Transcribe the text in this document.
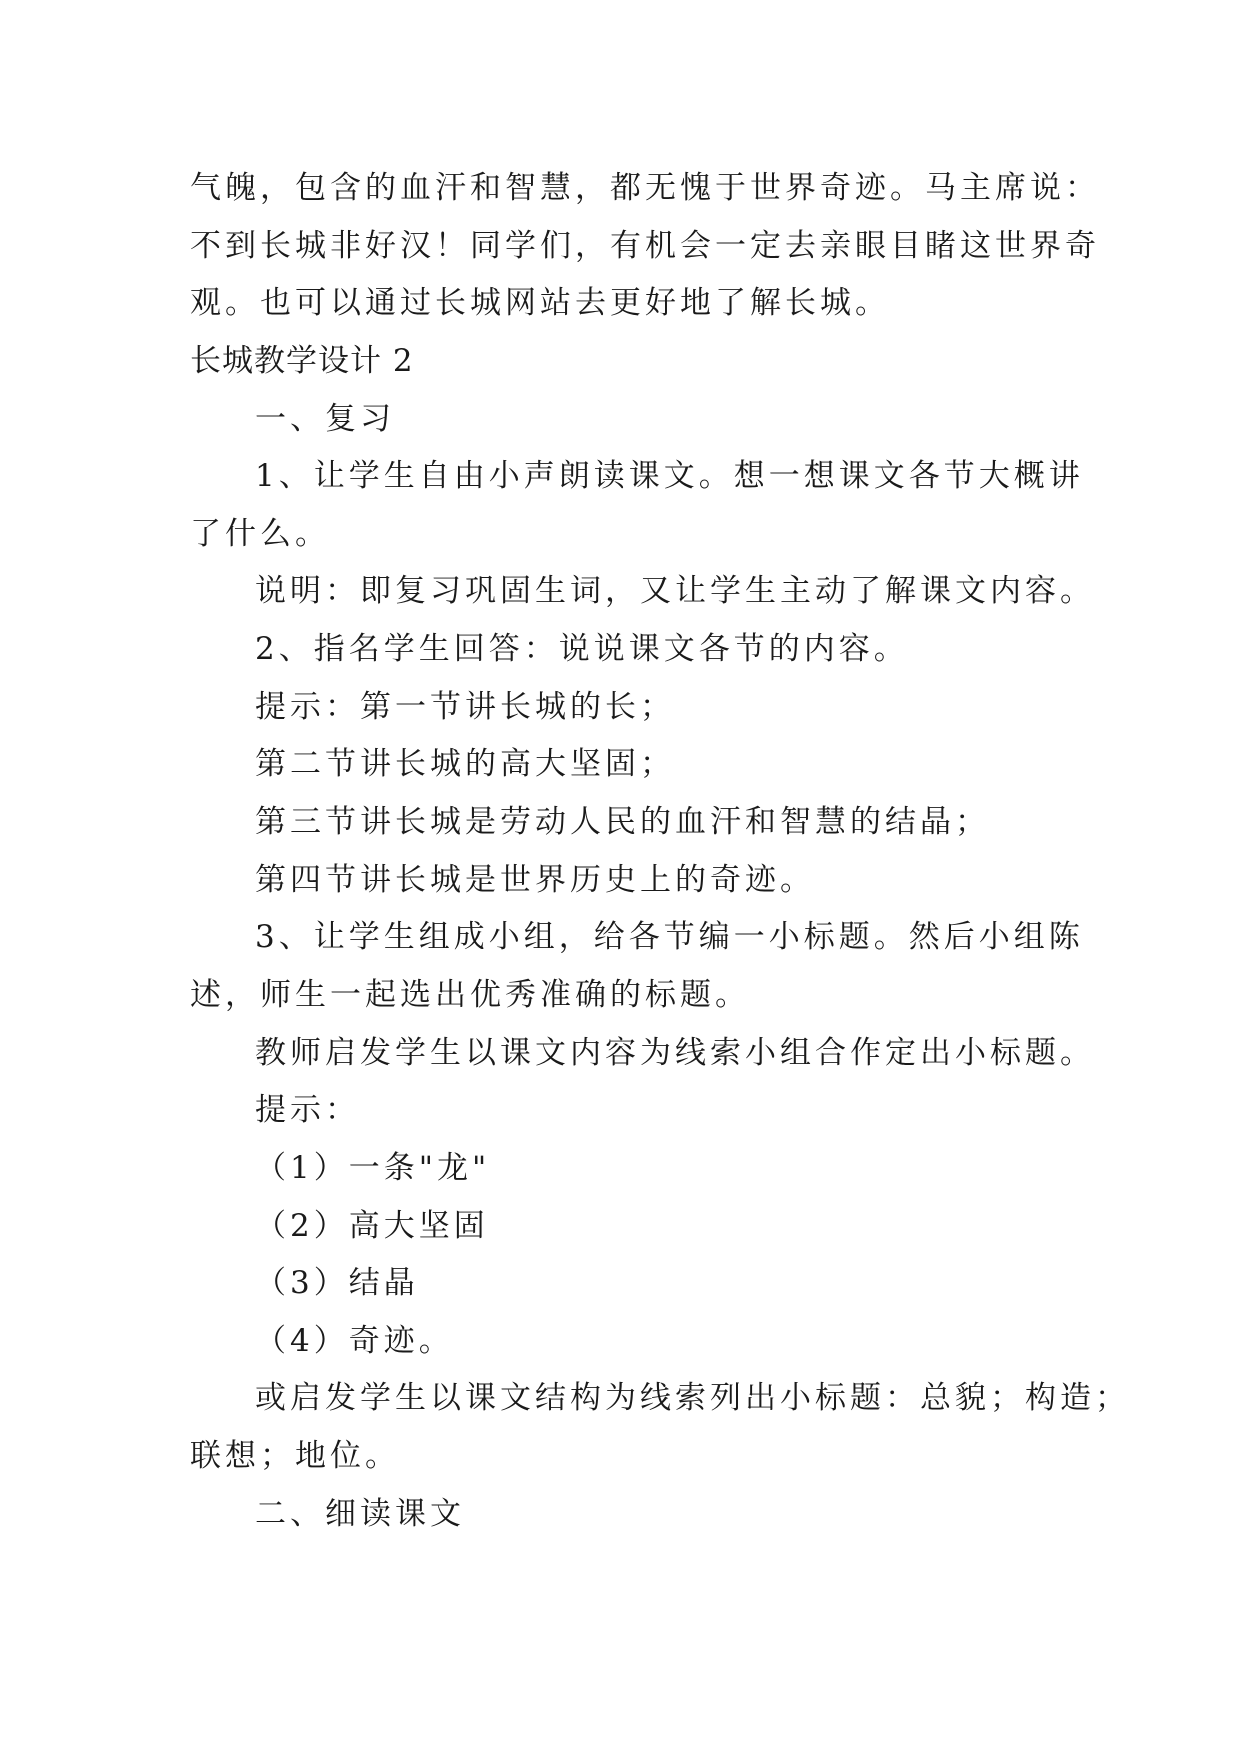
气魄，包含的血汗和智慧，都无愧于世界奇迹。马主席说：
不到长城非好汉！同学们，有机会一定去亲眼目睹这世界奇
观。也可以通过长城网站去更好地了解长城。
长城教学设计 2
一、复习
1、让学生自由小声朗读课文。想一想课文各节大概讲
了什么。
说明：即复习巩固生词，又让学生主动了解课文内容。
2、指名学生回答：说说课文各节的内容。
提示：第一节讲长城的长；
第二节讲长城的高大坚固；
第三节讲长城是劳动人民的血汗和智慧的结晶；
第四节讲长城是世界历史上的奇迹。
3、让学生组成小组，给各节编一小标题。然后小组陈
述，师生一起选出优秀准确的标题。
教师启发学生以课文内容为线索小组合作定出小标题。
提示：
（1）一条"龙"
（2）高大坚固
（3）结晶
（4）奇迹。
或启发学生以课文结构为线索列出小标题：总貌；构造；
联想；地位。
二、细读课文
